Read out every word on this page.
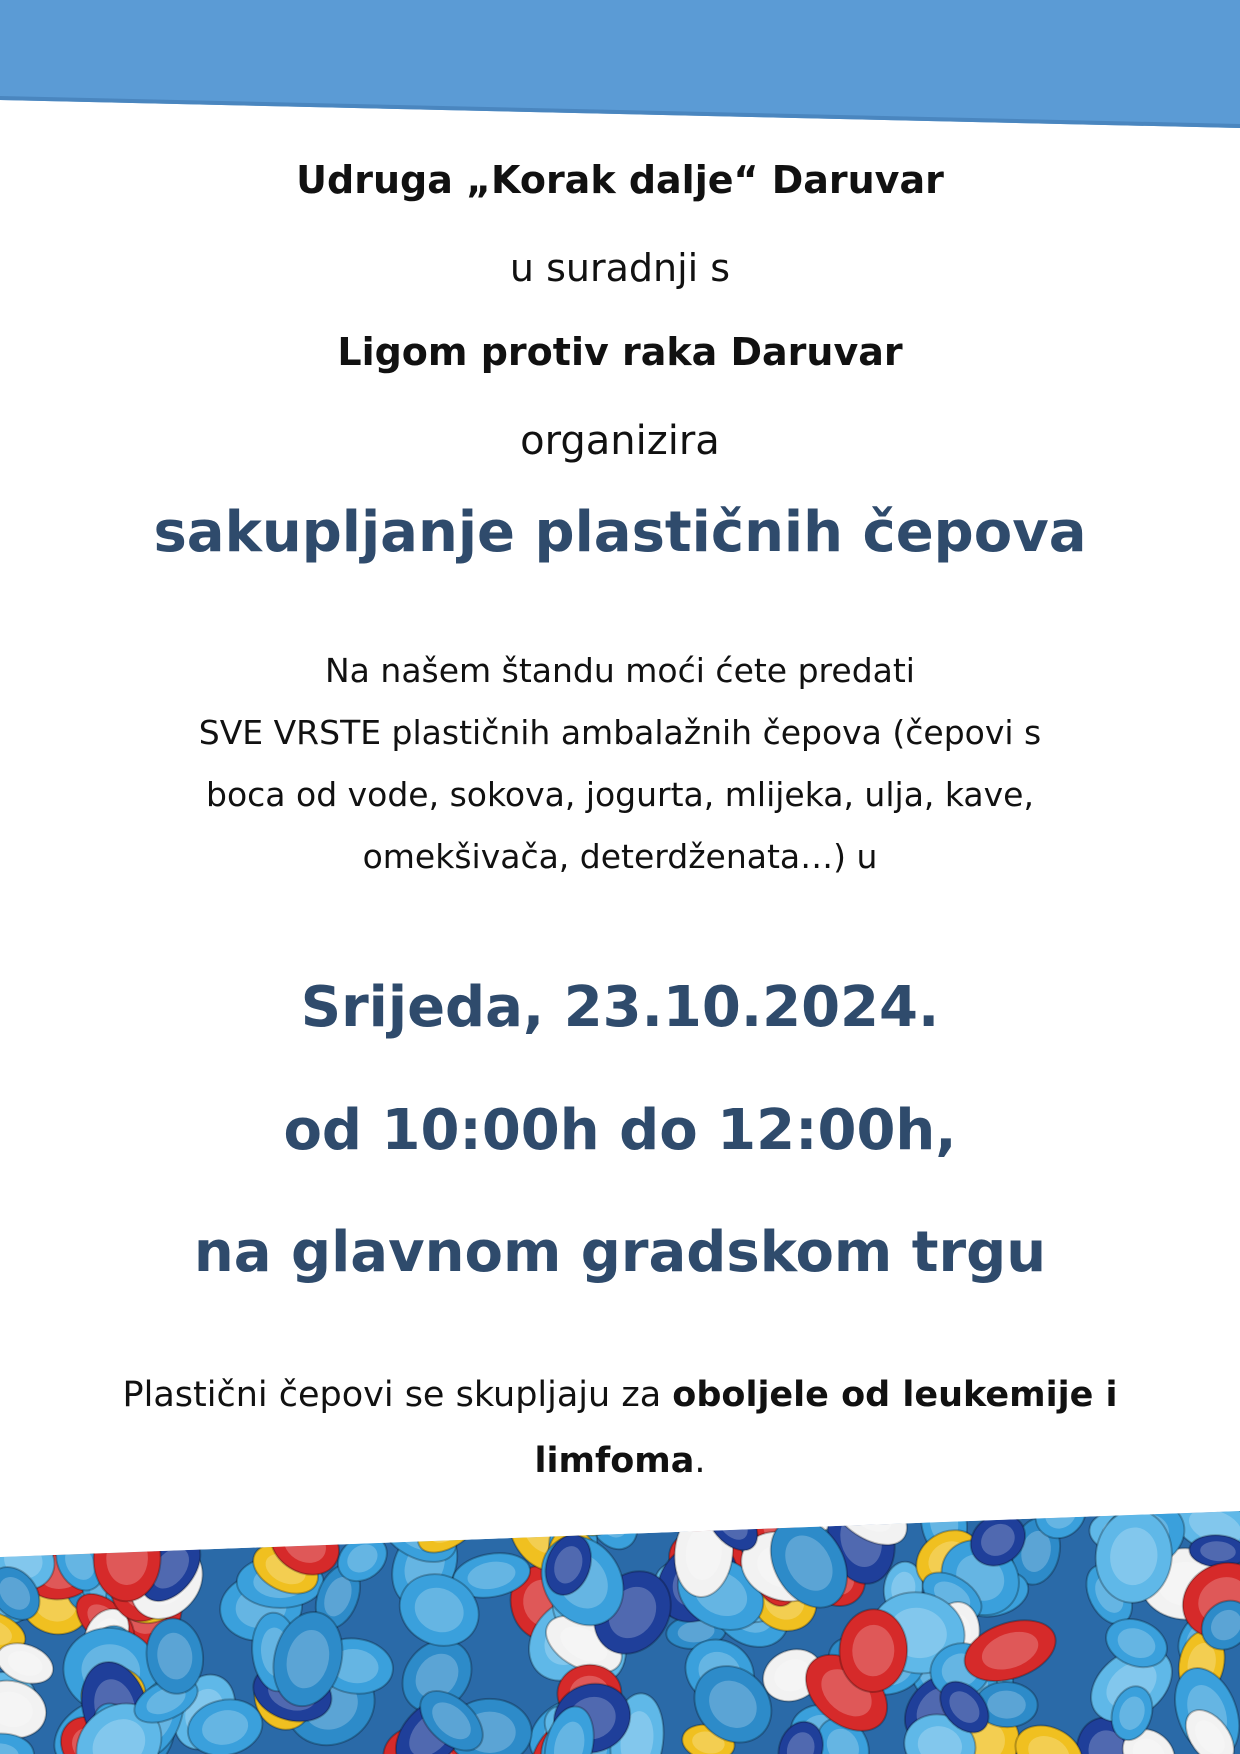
Udruga „Korak dalje“ Daruvar
u suradnji s
Ligom protiv raka Daruvar
organizira
sakupljanje plastičnih čepova
Na našem štandu moći ćete predati
SVE VRSTE plastičnih ambalažnih čepova (čepovi s
boca od vode, sokova, jogurta, mlijeka, ulja, kave,
omekšivača, deterdženata…) u
Srijeda, 23.10.2024.
od 10:00h do 12:00h,
na glavnom gradskom trgu
Plastični čepovi se skupljaju za oboljele od leukemije i limfoma.
